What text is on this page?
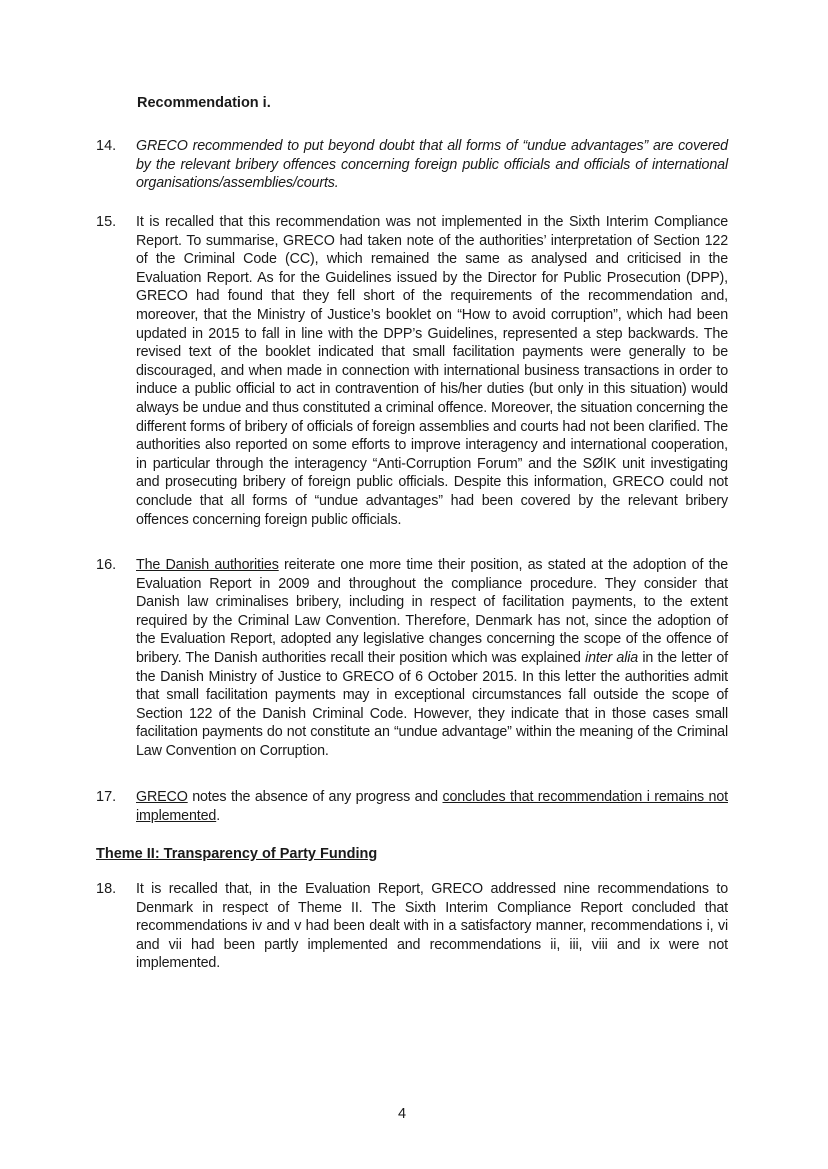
Recommendation i.
14. GRECO recommended to put beyond doubt that all forms of “undue advantages” are covered by the relevant bribery offences concerning foreign public officials and officials of international organisations/assemblies/courts.
15. It is recalled that this recommendation was not implemented in the Sixth Interim Compliance Report. To summarise, GRECO had taken note of the authorities’ interpretation of Section 122 of the Criminal Code (CC), which remained the same as analysed and criticised in the Evaluation Report. As for the Guidelines issued by the Director for Public Prosecution (DPP), GRECO had found that they fell short of the requirements of the recommendation and, moreover, that the Ministry of Justice’s booklet on “How to avoid corruption”, which had been updated in 2015 to fall in line with the DPP’s Guidelines, represented a step backwards. The revised text of the booklet indicated that small facilitation payments were generally to be discouraged, and when made in connection with international business transactions in order to induce a public official to act in contravention of his/her duties (but only in this situation) would always be undue and thus constituted a criminal offence. Moreover, the situation concerning the different forms of bribery of officials of foreign assemblies and courts had not been clarified. The authorities also reported on some efforts to improve interagency and international cooperation, in particular through the interagency “Anti-Corruption Forum” and the SØIK unit investigating and prosecuting bribery of foreign public officials. Despite this information, GRECO could not conclude that all forms of “undue advantages” had been covered by the relevant bribery offences concerning foreign public officials.
16. The Danish authorities reiterate one more time their position, as stated at the adoption of the Evaluation Report in 2009 and throughout the compliance procedure. They consider that Danish law criminalises bribery, including in respect of facilitation payments, to the extent required by the Criminal Law Convention. Therefore, Denmark has not, since the adoption of the Evaluation Report, adopted any legislative changes concerning the scope of the offence of bribery. The Danish authorities recall their position which was explained inter alia in the letter of the Danish Ministry of Justice to GRECO of 6 October 2015. In this letter the authorities admit that small facilitation payments may in exceptional circumstances fall outside the scope of Section 122 of the Danish Criminal Code. However, they indicate that in those cases small facilitation payments do not constitute an “undue advantage” within the meaning of the Criminal Law Convention on Corruption.
17. GRECO notes the absence of any progress and concludes that recommendation i remains not implemented.
Theme II: Transparency of Party Funding
18. It is recalled that, in the Evaluation Report, GRECO addressed nine recommendations to Denmark in respect of Theme II. The Sixth Interim Compliance Report concluded that recommendations iv and v had been dealt with in a satisfactory manner, recommendations i, vi and vii had been partly implemented and recommendations ii, iii, viii and ix were not implemented.
4
